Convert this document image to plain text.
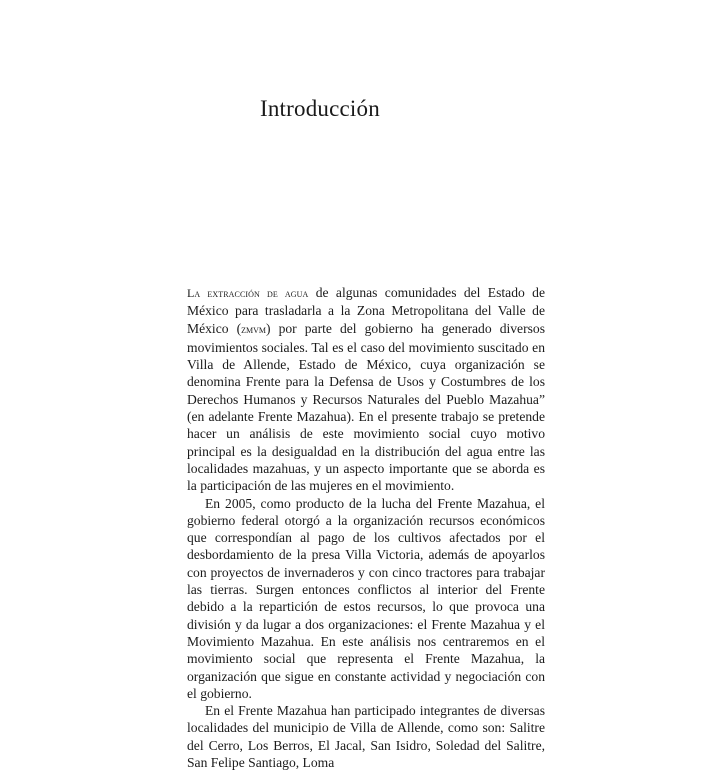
Introducción

La extracción de agua de algunas comunidades del Estado de México para trasladarla a la Zona Metropolitana del Valle de México (zmvm) por parte del gobierno ha generado diversos movimientos sociales. Tal es el caso del movimiento suscitado en Villa de Allende, Estado de México, cuya organización se denomina Frente para la Defensa de Usos y Costumbres de los Derechos Humanos y Recursos Naturales del Pueblo Mazahua” (en adelante Frente Mazahua). En el presente trabajo se pretende hacer un análisis de este movimiento social cuyo motivo principal es la desigualdad en la distribución del agua entre las localidades mazahuas, y un aspecto importante que se aborda es la participación de las mujeres en el movimiento.

En 2005, como producto de la lucha del Frente Mazahua, el gobierno federal otorgó a la organización recursos económicos que correspondían al pago de los cultivos afectados por el desbordamiento de la presa Villa Victoria, además de apoyarlos con proyectos de invernaderos y con cinco tractores para trabajar las tierras. Surgen entonces conflictos al interior del Frente debido a la repartición de estos recursos, lo que provoca una división y da lugar a dos organizaciones: el Frente Mazahua y el Movimiento Mazahua. En este análisis nos centraremos en el movimiento social que representa el Frente Mazahua, la organización que sigue en constante actividad y negociación con el gobierno.

En el Frente Mazahua han participado integrantes de diversas localidades del municipio de Villa de Allende, como son: Salitre del Cerro, Los Berros, El Jacal, San Isidro, Soledad del Salitre, San Felipe Santiago, Loma
